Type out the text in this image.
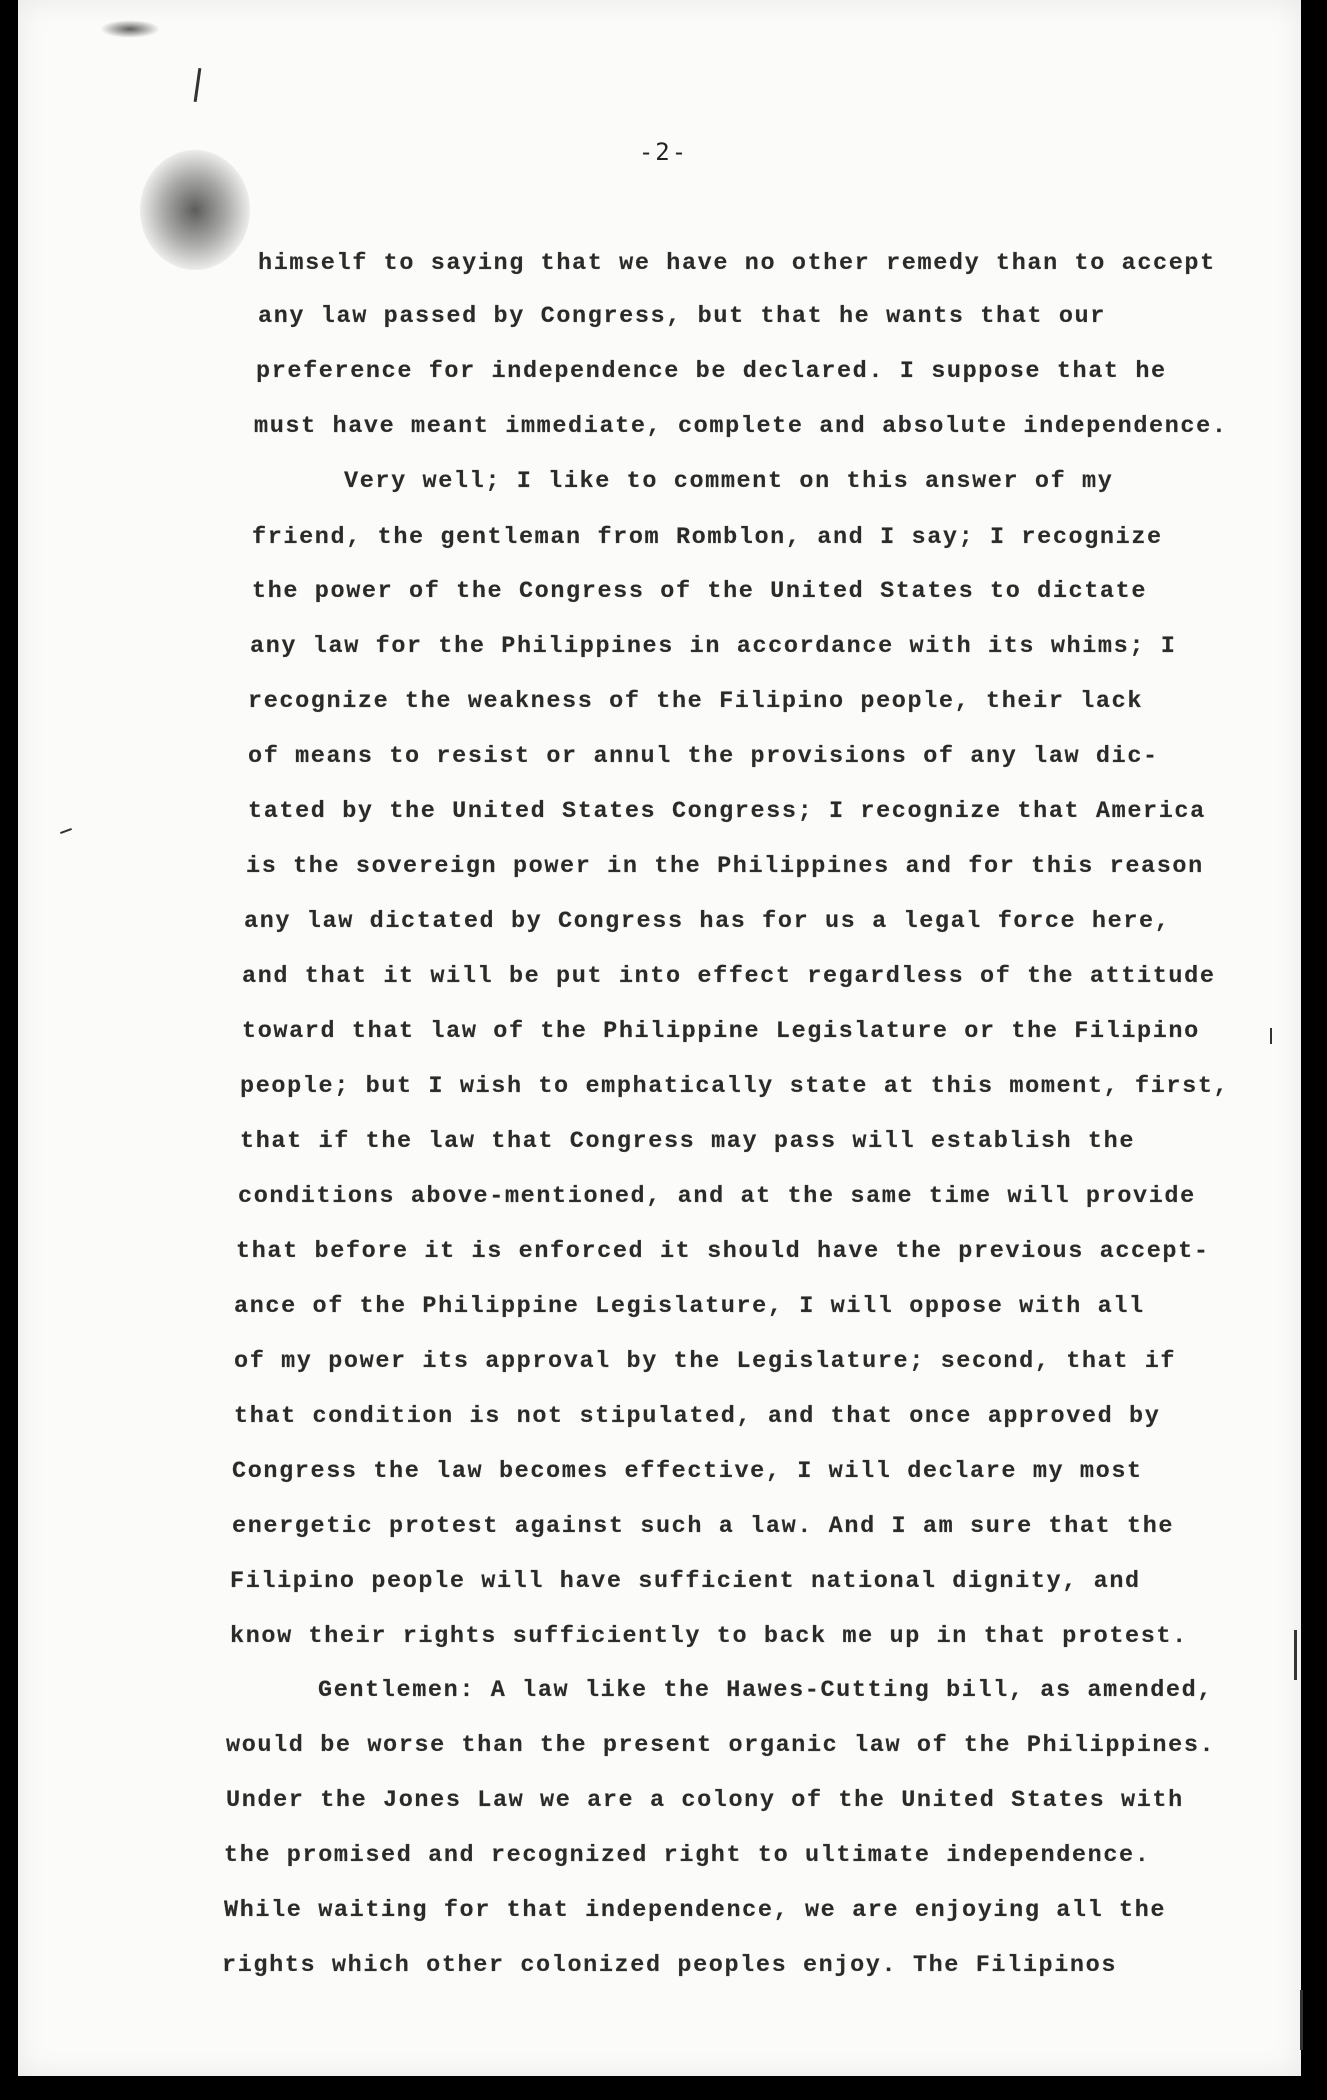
-2-
himself to saying that we have no other remedy than to accept
any law passed by Congress, but that he wants that our
preference for independence be declared. I suppose that he
must have meant immediate, complete and absolute independence.
Very well; I like to comment on this answer of my
friend, the gentleman from Romblon, and I say; I recognize
the power of the Congress of the United States to dictate
any law for the Philippines in accordance with its whims; I
recognize the weakness of the Filipino people, their lack
of means to resist or annul the provisions of any law dic-
tated by the United States Congress; I recognize that America
is the sovereign power in the Philippines and for this reason
any law dictated by Congress has for us a legal force here,
and that it will be put into effect regardless of the attitude
toward that law of the Philippine Legislature or the Filipino
people; but I wish to emphatically state at this moment, first,
that if the law that Congress may pass will establish the
conditions above-mentioned, and at the same time will provide
that before it is enforced it should have the previous accept-
ance of the Philippine Legislature, I will oppose with all
of my power its approval by the Legislature; second, that if
that condition is not stipulated, and that once approved by
Congress the law becomes effective, I will declare my most
energetic protest against such a law. And I am sure that the
Filipino people will have sufficient national dignity, and
know their rights sufficiently to back me up in that protest.
Gentlemen: A law like the Hawes-Cutting bill, as amended,
would be worse than the present organic law of the Philippines.
Under the Jones Law we are a colony of the United States with
the promised and recognized right to ultimate independence.
While waiting for that independence, we are enjoying all the
rights which other colonized peoples enjoy. The Filipinos
